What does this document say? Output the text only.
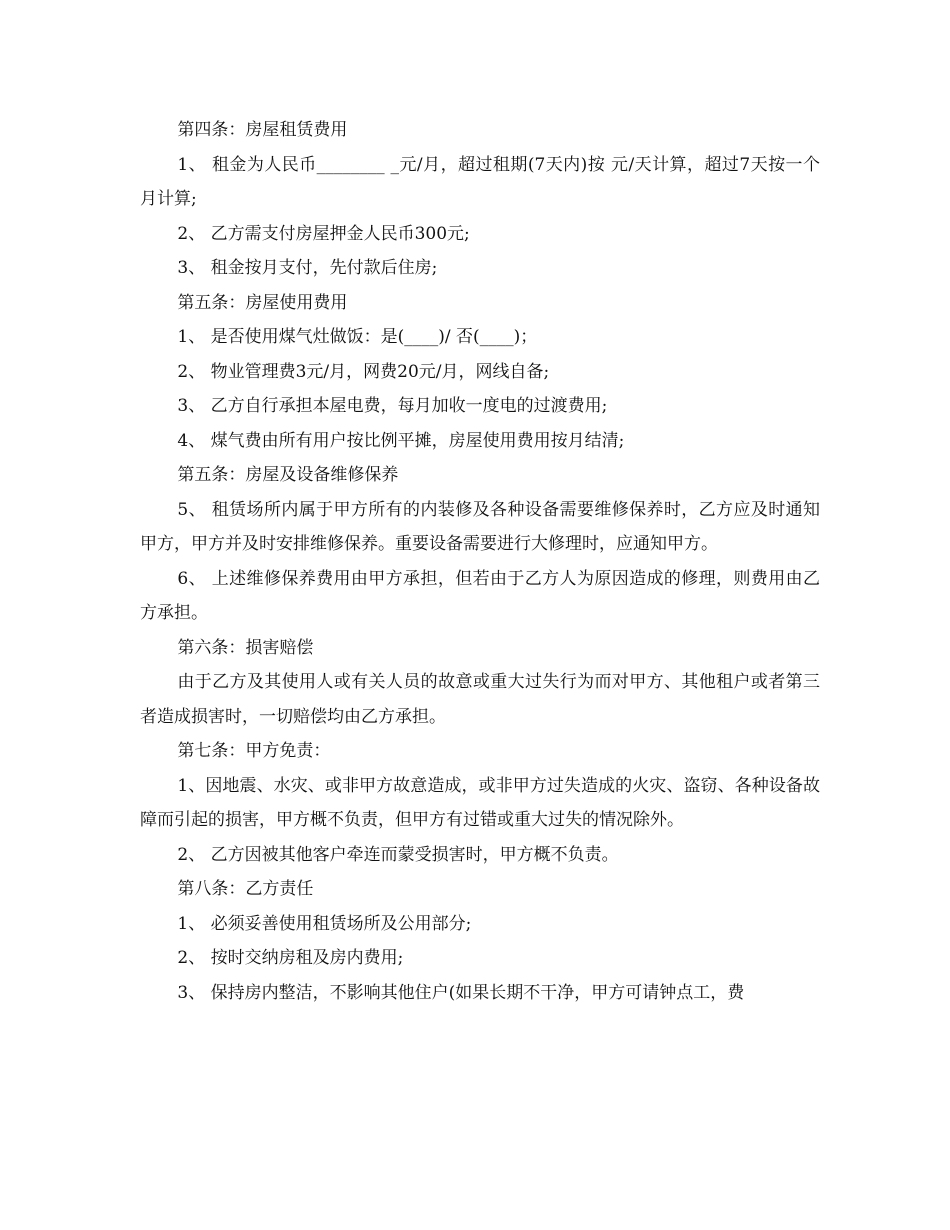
第四条：房屋租赁费用

1、 租金为人民币________ _元/月，超过租期(7天内)按 元/天计算，超过7天按一个月计算;

2、 乙方需支付房屋押金人民币300元;

3、 租金按月支付，先付款后住房;

第五条：房屋使用费用

1、 是否使用煤气灶做饭：是(____)/ 否(____)；

2、 物业管理费3元/月，网费20元/月，网线自备;

3、 乙方自行承担本屋电费，每月加收一度电的过渡费用;

4、 煤气费由所有用户按比例平摊，房屋使用费用按月结清;

第五条：房屋及设备维修保养

5、 租赁场所内属于甲方所有的内装修及各种设备需要维修保养时，乙方应及时通知甲方，甲方并及时安排维修保养。重要设备需要进行大修理时，应通知甲方。

6、 上述维修保养费用由甲方承担，但若由于乙方人为原因造成的修理，则费用由乙方承担。

第六条：损害赔偿

由于乙方及其使用人或有关人员的故意或重大过失行为而对甲方、其他租户或者第三者造成损害时，一切赔偿均由乙方承担。

第七条：甲方免责：

1、因地震、水灾、或非甲方故意造成，或非甲方过失造成的火灾、盗窃、各种设备故障而引起的损害，甲方概不负责，但甲方有过错或重大过失的情况除外。

2、 乙方因被其他客户牵连而蒙受损害时，甲方概不负责。

第八条：乙方责任

1、 必须妥善使用租赁场所及公用部分;

2、 按时交纳房租及房内费用;

3、 保持房内整洁，不影响其他住户(如果长期不干净，甲方可请钟点工，费
